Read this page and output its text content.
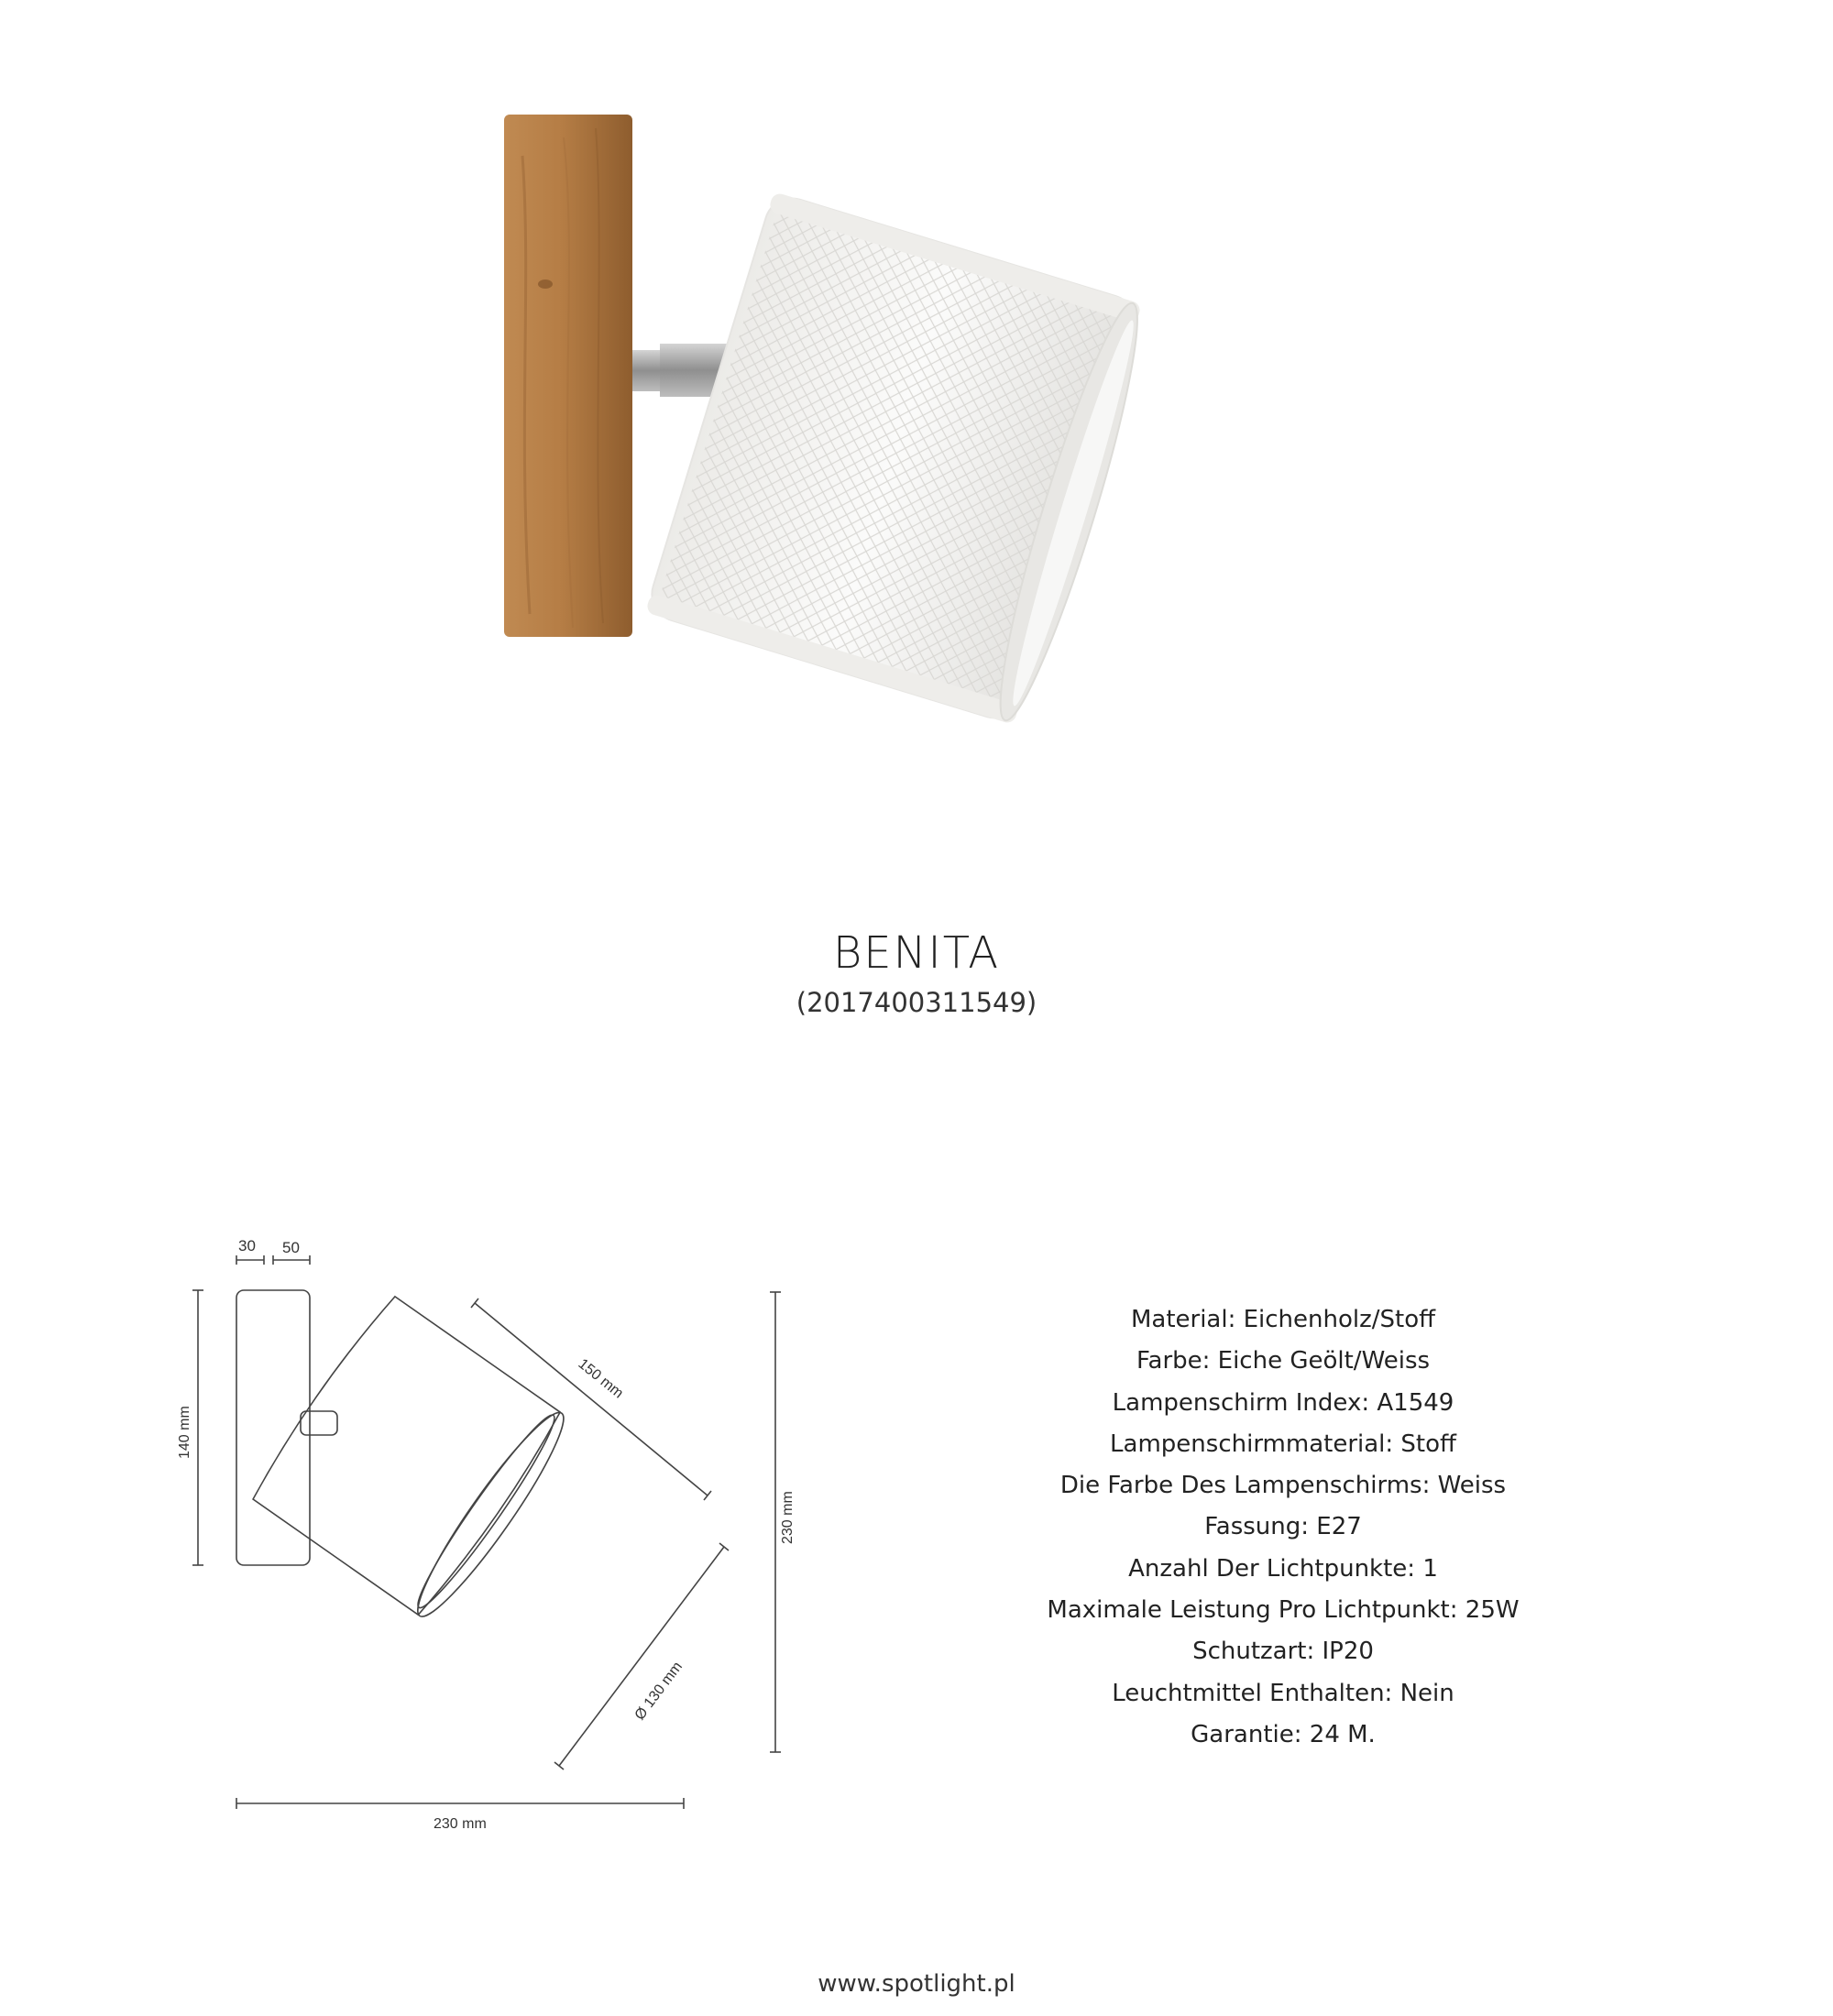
BENITA
(2017400311549)
30 50
140 mm
150 mm
Ø 130 mm
230 mm
230 mm
Material: Eichenholz/Stoff
Farbe: Eiche Geölt/Weiss
Lampenschirm Index: A1549
Lampenschirmmaterial: Stoff
Die Farbe Des Lampenschirms: Weiss
Fassung: E27
Anzahl Der Lichtpunkte: 1
Maximale Leistung Pro Lichtpunkt: 25W
Schutzart: IP20
Leuchtmittel Enthalten: Nein
Garantie: 24 M.
www.spotlight.pl
